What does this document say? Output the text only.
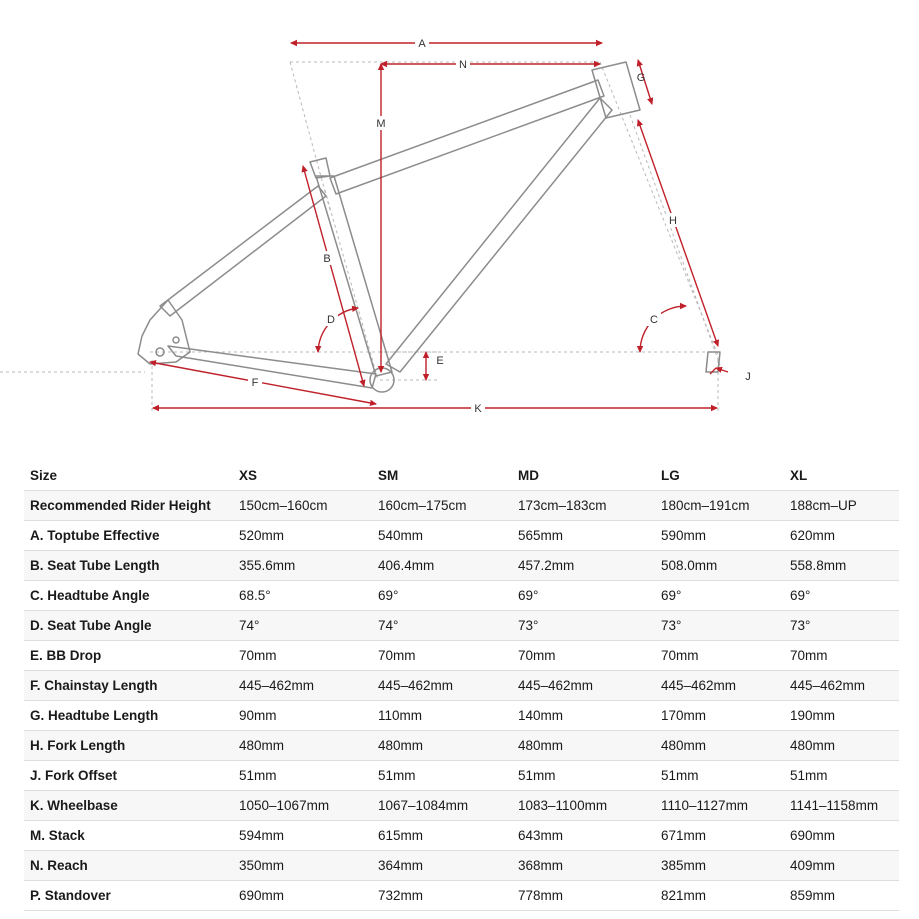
A
N
M
G
H
B
D	C
E
F	J
K
Size	XS	SM	MD	LG	XL
Recommended Rider Height	150cm–160cm	160cm–175cm	173cm–183cm	180cm–191cm	188cm–UP
A. Toptube Effective	520mm	540mm	565mm	590mm	620mm
B. Seat Tube Length	355.6mm	406.4mm	457.2mm	508.0mm	558.8mm
C. Headtube Angle	68.5°	69°	69°	69°	69°
D. Seat Tube Angle	74°	74°	73°	73°	73°
E. BB Drop	70mm	70mm	70mm	70mm	70mm
F. Chainstay Length	445–462mm	445–462mm	445–462mm	445–462mm	445–462mm
G. Headtube Length	90mm	110mm	140mm	170mm	190mm
H. Fork Length	480mm	480mm	480mm	480mm	480mm
J. Fork Offset	51mm	51mm	51mm	51mm	51mm
K. Wheelbase	1050–1067mm	1067–1084mm	1083–1100mm	1110–1127mm	1141–1158mm
M. Stack	594mm	615mm	643mm	671mm	690mm
N. Reach	350mm	364mm	368mm	385mm	409mm
P. Standover	690mm	732mm	778mm	821mm	859mm
